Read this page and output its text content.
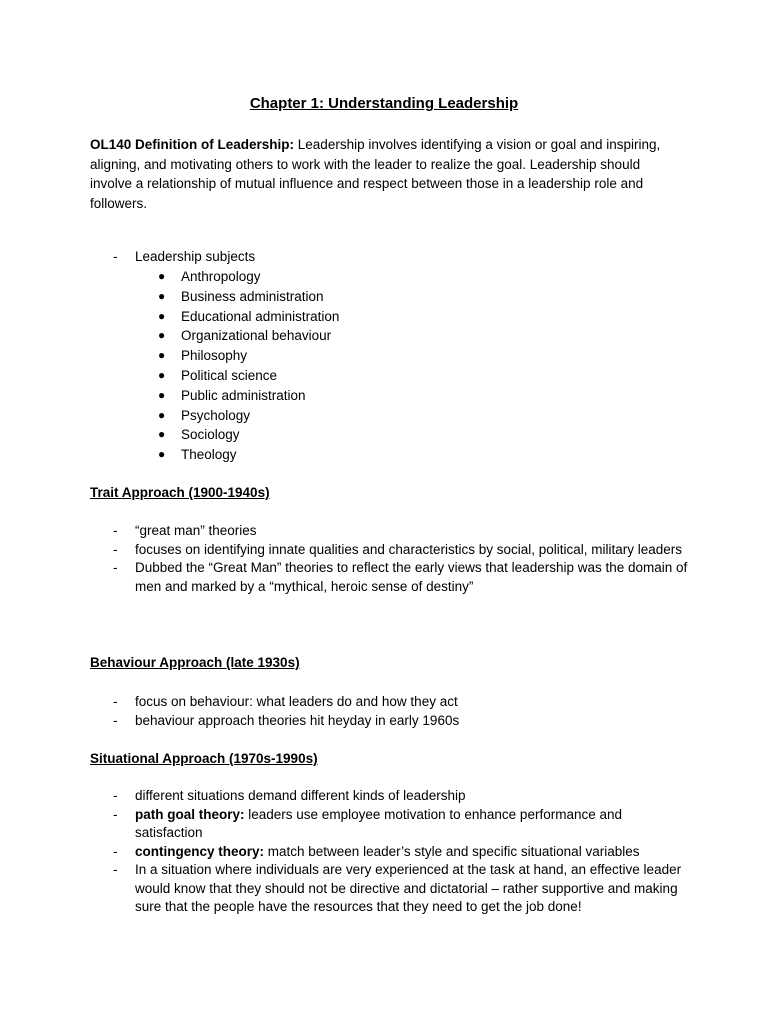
Chapter 1: Understanding Leadership
OL140 Definition of Leadership: Leadership involves identifying a vision or goal and inspiring, aligning, and motivating others to work with the leader to realize the goal. Leadership should involve a relationship of mutual influence and respect between those in a leadership role and followers.
- Leadership subjects
● Anthropology
● Business administration
● Educational administration
● Organizational behaviour
● Philosophy
● Political science
● Public administration
● Psychology
● Sociology
● Theology
Trait Approach (1900-1940s)
- “great man” theories
- focuses on identifying innate qualities and characteristics by social, political, military leaders
- Dubbed the “Great Man” theories to reflect the early views that leadership was the domain of men and marked by a “mythical, heroic sense of destiny”
Behaviour Approach (late 1930s)
- focus on behaviour: what leaders do and how they act
- behaviour approach theories hit heyday in early 1960s
Situational Approach (1970s-1990s)
- different situations demand different kinds of leadership
- path goal theory: leaders use employee motivation to enhance performance and satisfaction
- contingency theory: match between leader’s style and specific situational variables
- In a situation where individuals are very experienced at the task at hand, an effective leader would know that they should not be directive and dictatorial – rather supportive and making sure that the people have the resources that they need to get the job done!
